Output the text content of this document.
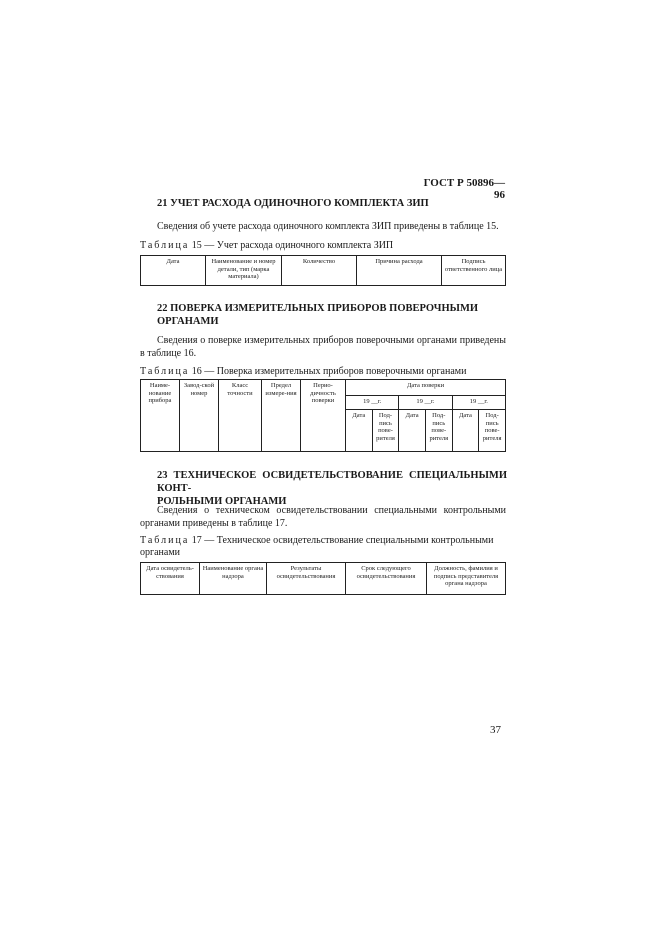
ГОСТ Р 50896—96
21 УЧЕТ РАСХОДА ОДИНОЧНОГО КОМПЛЕКТА ЗИП
Сведения об учете расхода одиночного комплекта ЗИП приведены в таблице 15.
Таблица 15 — Учет расхода одиночного комплекта ЗИП
Дата	Наименование и номер детали, тип (марка материала)	Количество	Причина расхода	Подпись ответственного лица
22 ПОВЕРКА ИЗМЕРИТЕЛЬНЫХ ПРИБОРОВ ПОВЕРОЧНЫМИ
ОРГАНАМИ
Сведения о поверке измерительных приборов поверочными органами приведены в таблице 16.
Таблица 16 — Поверка измерительных приборов поверочными органами
Наиме-нование прибора	Завод-ской номер	Класс точности	Предел измере-ния	Перио-дичность поверки	Дата поверки					
					19 __г.		19 __г.		19 __г.	
					Дата	Под-пись пове-рителя	Дата	Под-пись пове-рителя	Дата	Под-пись пове-рителя
23 ТЕХНИЧЕСКОЕ ОСВИДЕТЕЛЬСТВОВАНИЕ СПЕЦИАЛЬНЫМИ КОНТ-
РОЛЬНЫМИ ОРГАНАМИ
Сведения о техническом освидетельствовании специальными контрольными органами приведены в таблице 17.
Таблица 17 — Техническое освидетельствование специальными контрольными органами
Дата освидетель-ствования	Наименование органа надзора	Результаты освидетельствования	Срок следующего освидетельствования	Должность, фамилия и подпись представителя органа надзора
37
